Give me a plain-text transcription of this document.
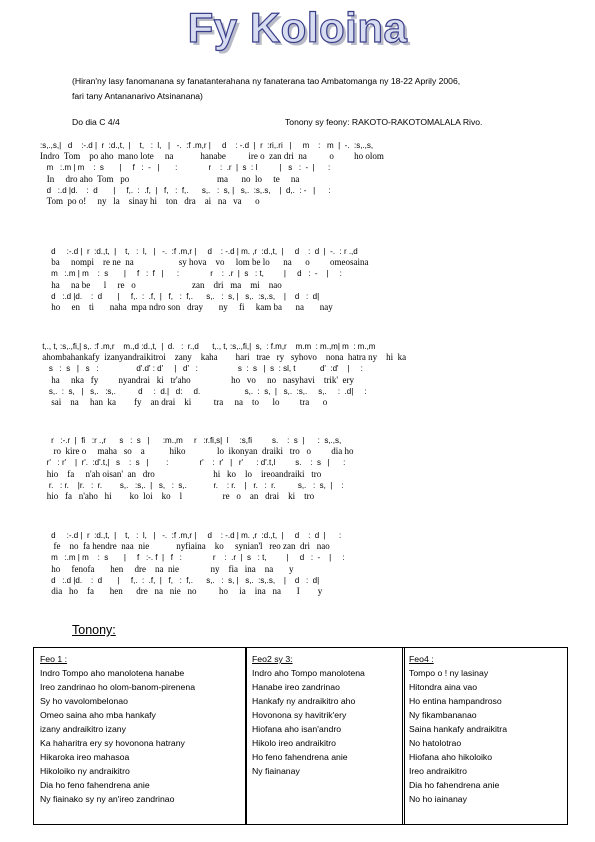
Fy Koloina
(Hiran'ny lasy fanomanana sy fanatanterahana ny fanaterana tao Ambatomanga ny 18-22 Aprily 2006,
fari tany Antananarivo Atsinanana)
Do dia C 4/4	Tonony sy feony: RAKOTO-RAKOTOMALALA Rivo.
:s,.,s,|   d    :-.d |  r  :d.,t,  |    t,   :  l,   |   -.  :f .m,r |     d    : -.d  |  r  :ri,.ri   |     m    :   m  |  -.  :s,.,s,
Indro  Tom    po aho  mano lote     na            hanabe          ire o  zan dri  na          o         ho olom
m   :.m | m    :  s       |     f   :  -   |       :              r    :  .r  |  s  : l          |   s   :  -  |      :
In     dro aho  Tom   po                                       ma      no  lo     te     na
d   :.d |d.    :  d       |     f,.  :  .f,  |   f,   :  f,.      s,.   :  s, |   s,.  :s,.s,    |  d,.  : -   |      :
Tom  po o!     ny   la    sinay hi    ton   dra    ai   na   va      o
d     :-.d |  r  :d.,t,  |    t,   :  l,   |   -.  :f .m,r |     d    : -.d | m. ,r  :d.,t,  |     d    :  d  |  -.  : r .,d
ba     nompi    re ne  na                    sy hova    vo     lom be lo      na      o         omeosaina
m   :.m | m    :  s       |     f   :  f   |      :              r    :  .r  |  s   : t,         |     d   :  -    |     :
ha     na be      l     re   o                         zan    dri   ma    mi    nao
d   :.d |d.    :  d       |     f,.  :  .f,  |   f,   :  f,.      s,.   :  s, |   s,.  :s,.s,    |    d   :  d|
ho     en    ti       naha  mpa ndro son   dray       ny     fi     kam ba      na       nay
t,., t, :s,.,fi,| s,. :f .m,r    m.,d :d.,t,  |  d.   :  r.,d      t,., t, :s,.,fi,|  s,  : f.m,r    m.m  : m.,m| m  : m.,m
ahombahankafy  izanyandraikitroi    zany    kaha        hari   trae   ry   syhovo    nona  hatra ny    hi  ka
s   :  s   |   s   :                 d'.d' : d'     |   d'   :                  s  :  s   |  s  : sl, t           d'  :d'    |     :
ha     nka   fy         nyandrai   ki   tr'aho                  ho   vo     no   nasyhavi    trik'  ery
s,.  :  s,   |   s,.   :s,.          d     :  d.|   d:     d.                    s,.  :  s,  |   s,.  :s,.     s,.     :  .d|     :
sai    na     han  ka        fy    an drai    ki          tra     na    to      lo         tra      o
r   :-.r  |  fi   :r .,r      s   :  s   |      :m.,m     r   :r.fi,s|  l     :s,fi         s.    :  s  |      :  s,.,s,
ro  kire o     maha   so    a           hiko              lo  ikonyan  draiki   tro   o         dia ho
r'   : r'    |  r'.  :d'.t,|   s    :  s   |        :              r'    :  r'   |   r'      : d'.t,l         s.    :  s   |      :
hio    fa     n'ah oisan'  an   dro                          hi   ko    lo    ireoandraiki   tro
r.   : r.    |r.   :  r.        s,.   :s,.  |   s,   :  s,.            r.    : r.    |   r.   :  r.          s,.   :  s,  |    :
hio   fa   n'aho   hi        ko  loi    ko    l                  re   o    an   drai    ki    tro
d     :-.d |  r  :d.,t,  |    t,   :  l,   |   -.  :f .m,r |     d    : -.d | m. ,r  :d.,t,  |     d    :  d  |      :
fe    no  fa hendre  naa  nie            nyfiaina    ko     synian'l   reo zan  dri   nao
m   :.m | m    :  s       |     f   :-. f  |   f   :              r    :  .r  |  s   : t,         |     d   :  -    |     :
ho     fenofa       hen     dre    na  nie              ny    fia   ina    na       y
d   :.d |d.    :  d       |     f,.  :  .f,  |   f,   :  f,.      s,.   :  s, |   s,.  :s,.s,    |    d   :  d|
dia   ho    fa       hen      dre   na   nie   no          ho     ia    ina   na       I        y
Tonony:
Feo 1 :
Indro Tompo aho manolotena hanabe
Ireo zandrinao ho olom-banom-pirenena
Sy ho vavolombelonao
Omeo saina aho mba hankafy
izany andraikitro izany
Ka haharitra ery sy hovonona hatrany
Hikaroka ireo mahasoa
Hikoloiko ny andraikitro
Dia ho feno fahendrena anie
Ny fiainako sy ny an'ireo zandrinao
Feo2 sy 3:
Indro aho Tompo manolotena
Hanabe ireo zandrinao
Hankafy ny andraikitro aho
Hovonona sy havitrik'ery
Hiofana aho isan'andro
Hikolo ireo andraikitro
Ho feno fahendrena anie
Ny fiainanay
Feo4 :
Tompo o ! ny lasinay
Hitondra aina vao
Ho entina hampandroso
Ny fikambananao
Saina hankafy andraikitra
No hatolotrao
Hiofana aho hikoloiko
Ireo andraikitro
Dia ho fahendrena anie
No ho iainanay
